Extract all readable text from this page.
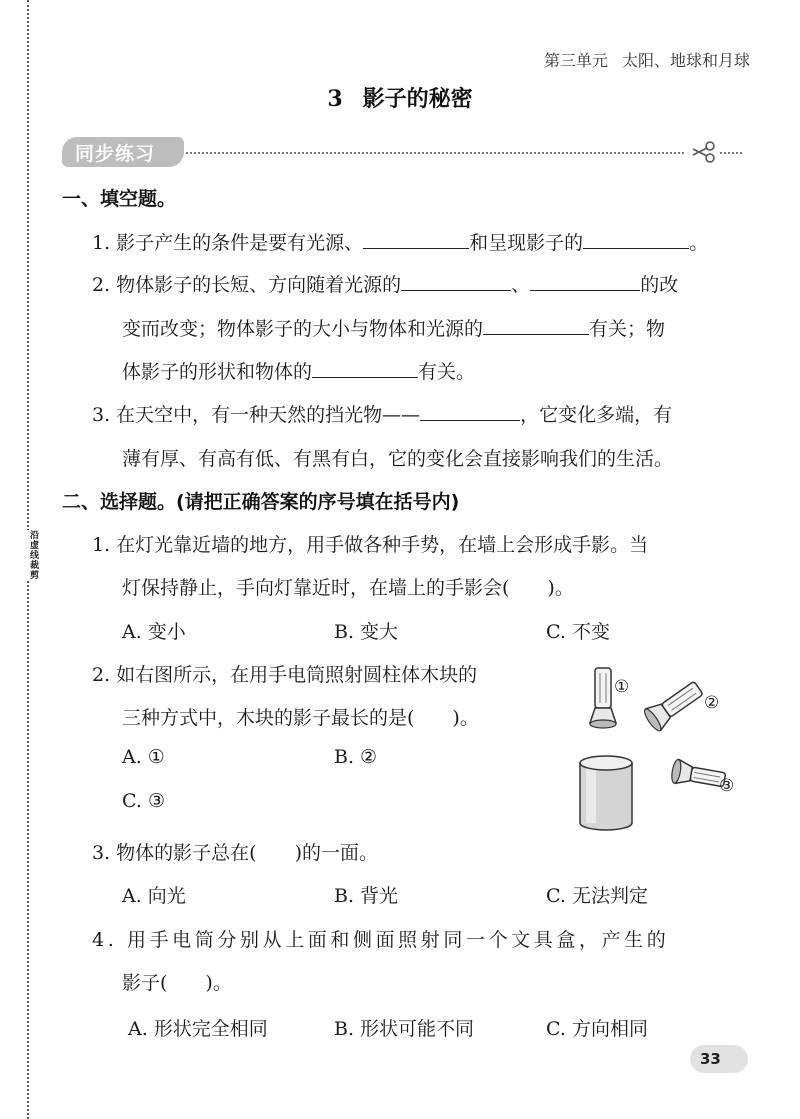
沿虚线裁剪
第三单元 太阳、地球和月球
3 影子的秘密
同步练习
一、填空题。
1. 影子产生的条件是要有光源、	和呈现影子的	。
2. 物体影子的长短、方向随着光源的	、	的改
变而改变；物体影子的大小与物体和光源的	有关；物
体影子的形状和物体的	有关。
3. 在天空中，有一种天然的挡光物——	，它变化多端，有
薄有厚、有高有低、有黑有白，它的变化会直接影响我们的生活。
二、选择题。(请把正确答案的序号填在括号内)
1. 在灯光靠近墙的地方，用手做各种手势，在墙上会形成手影。当
灯保持静止，手向灯靠近时，在墙上的手影会(　　)。
A. 变小	B. 变大	C. 不变
2. 如右图所示，在用手电筒照射圆柱体木块的
三种方式中，木块的影子最长的是(　　)。
A. ①	B. ②
C. ③
①
②
③
3. 物体的影子总在(　　)的一面。
A. 向光	B. 背光	C. 无法判定
4. 用手电筒分别从上面和侧面照射同一个文具盒，产生的
影子(　　)。
A. 形状完全相同	B. 形状可能不同	C. 方向相同
33
